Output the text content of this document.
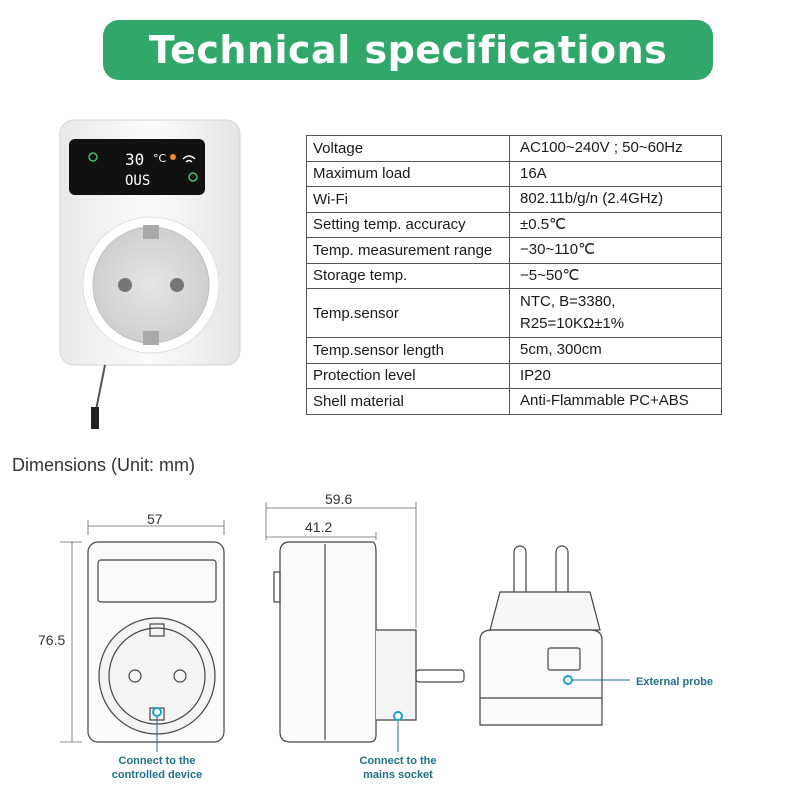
Technical specifications
30 °C
OUS
Voltage	AC100~240V ; 50~60Hz

Maximum load	16A

Wi-Fi	802.11b/g/n (2.4GHz)

Setting temp. accuracy	±0.5℃

Temp. measurement range	−30~110℃

Storage temp.	−5~50℃

Temp.sensor	NTC, B=3380,
R25=10KΩ±1%

Temp.sensor length	5cm, 300cm

Protection level	IP20

Shell material	Anti-Flammable PC+ABS
Dimensions (Unit: mm)
57
76.5
Connect to the
controlled device
59.6
41.2
Connect to the
mains socket
External probe
